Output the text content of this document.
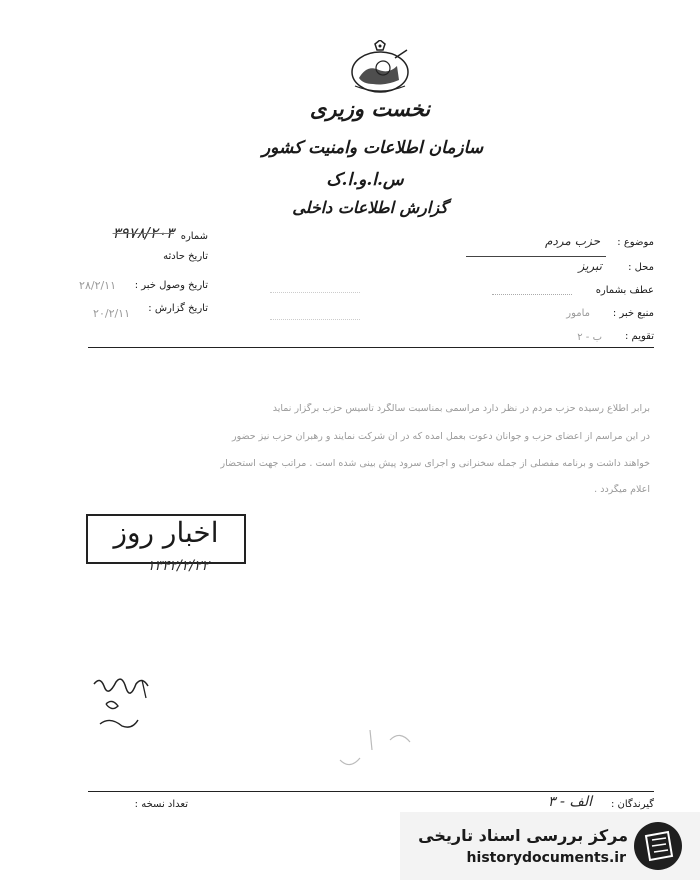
نخست وزیری
سازمان اطلاعات وامنیت کشور
س.ا.و.ا.ک
گزارش اطلاعات داخلی
شماره
۳۹۷۸/۲۰۳
تاریخ حادثه
تاریخ وصول خبر :
۲۸/۲/۱۱
تاریخ گزارش :
۲۰/۲/۱۱
موضوع :
حزب مردم
محل :
تبریز
عطف بشماره
منبع خبر :
مامور
تقویم :
ب - ۲
برابر اطلاع رسیده حزب مردم در نظر دارد مراسمی بمناسبت سالگرد تأسیس حزب برگزار نماید
در این مراسم از اعضای حزب و جوانان دعوت بعمل آمده که در آن شرکت نمایند و رهبران حزب نیز حضور
خواهند داشت و برنامه مفصلی از جمله سخنرانی و اجرای سرود پیش بینی شده است . مراتب جهت استحضار
اعلام میگردد .
اخبار روز
۱۳۴۲/۲/۲۲
گیرندگان :
الف - ۳
تعداد نسخه :
مرکز بررسی اسناد تاریخی
historydocuments.ir
